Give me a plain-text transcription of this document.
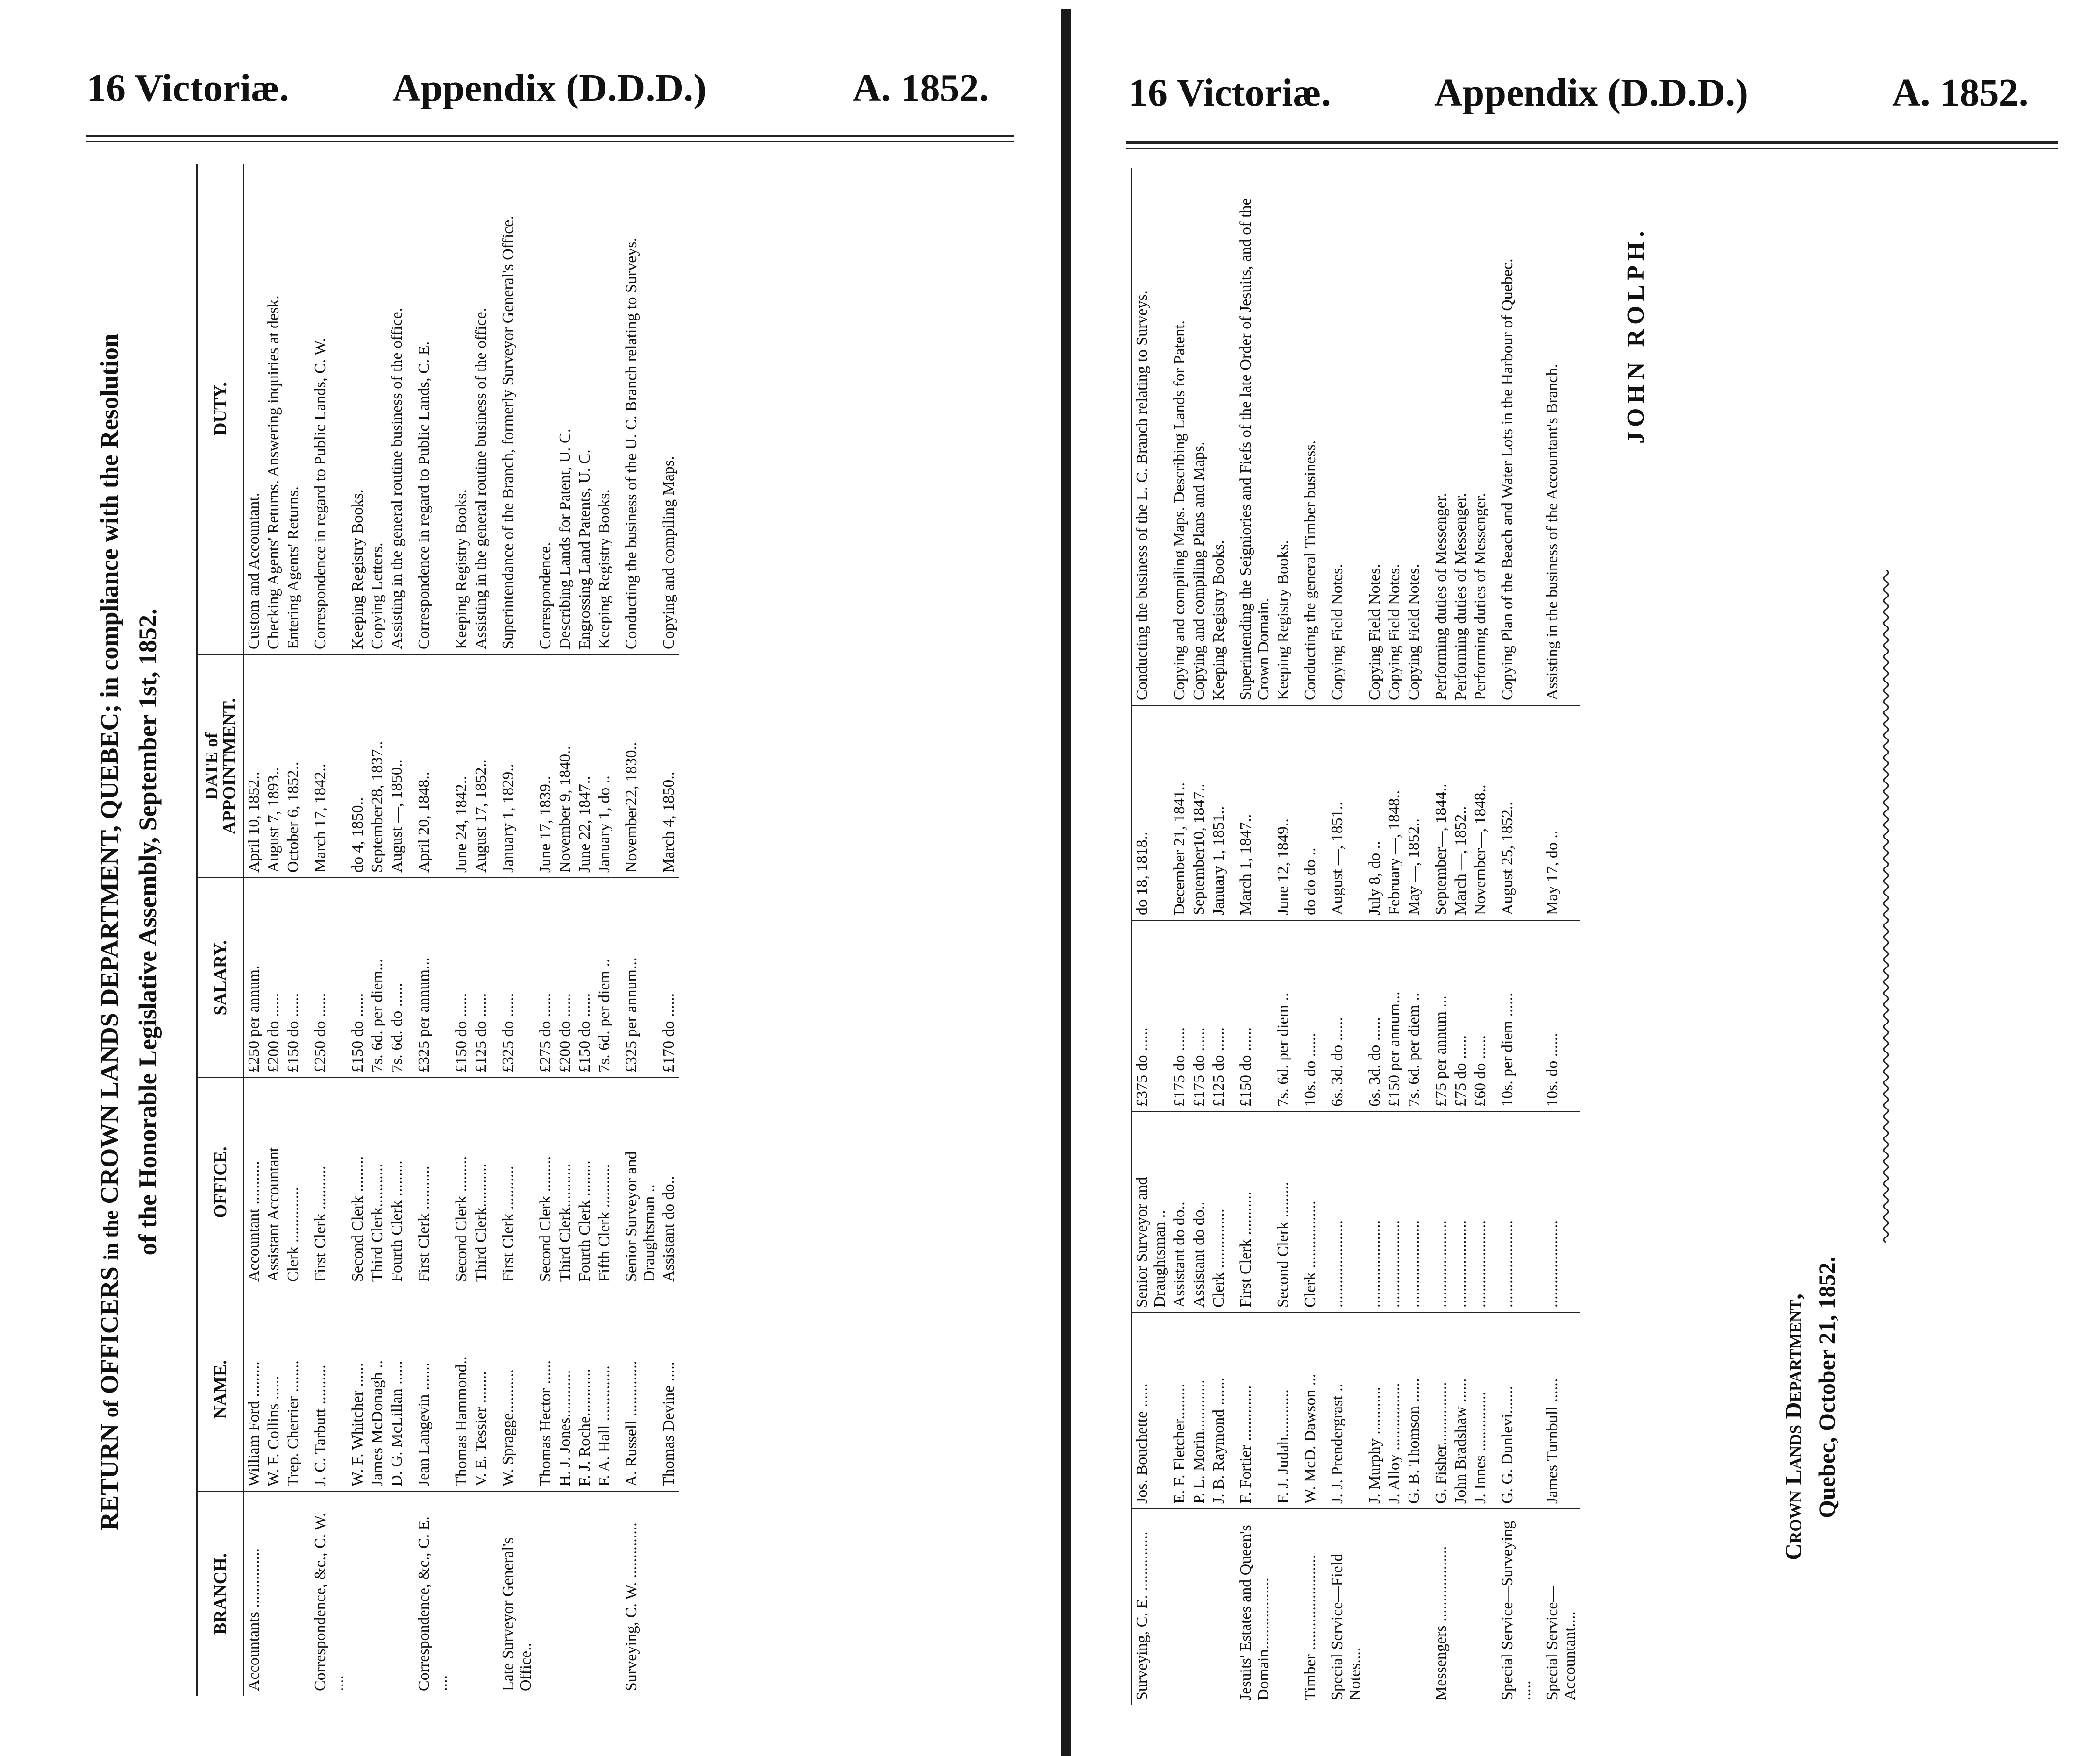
16 Victoriæ.	Appendix (D.D.D.)	A. 1852.
RETURN of OFFICERS in the CROWN LANDS DEPARTMENT, QUEBEC; in compliance with the Resolution of the Honorable Legislative Assembly, September 1st, 1852.
BRANCH.	NAME.	OFFICE.	SALARY.	DATE of
APPOINTMENT.	DUTY.
Accountants ...............	William Ford .........	Accountant ...........	£250 per annum.	April 10, 1852..	Custom and Accountant.
	W. F. Collins ......	Assistant Accountant	£200 do ......	August 7, 1893..	Checking Agents' Returns. Answering inquiries at desk.
	Trep. Cherrier ........	Clerk ..............	£150 do ......	October 6, 1852..	Entering Agents' Returns.
Correspondence, &c., C. W. ....	J. C. Tarbutt ..........	First Clerk ...........	£250 do ......	March 17, 1842..	Correspondence in regard to Public Lands, C. W.
	W. F. Whitcher ......	Second Clerk .........	£150 do ......	do 4, 1850..	Keeping Registry Books.
	James McDonagh ..	Third Clerk...........	7s. 6d. per diem...	September28, 1837..	Copying Letters.
	D. G. McLillan ......	Fourth Clerk .........	7s. 6d. do ......	August —, 1850..	Assisting in the general routine business of the office.
Correspondence, &c., C. E. ....	Jean Langevin .......	First Clerk ...........	£325 per annum...	April 20, 1848..	Correspondence in regard to Public Lands, C. E.
	Thomas Hammond..	Second Clerk .........	£150 do ......	June 24, 1842..	Keeping Registry Books.
	V. E. Tessier ........	Third Clerk...........	£125 do ......	August 17, 1852..	Assisting in the general routine business of the office.
Late Surveyor General's Office..	W. Spragge...........	First Clerk ...........	£325 do ......	January 1, 1829..	Superintendance of the Branch, formerly Surveyor General's Office.
	Thomas Hector ......	Second Clerk .........	£275 do ......	June 17, 1839..	Correspondence.
	H. J. Jones............	Third Clerk...........	£200 do ......	November 9, 1840..	Describing Lands for Patent, U. C.
	F. J. Roche............	Fourth Clerk .........	£150 do ......	June 22, 1847..	Engrossing Land Patents, U. C.
	F. A. Hall ..............	Fifth Clerk ...........	7s. 6d. per diem ..	January 1, do ..	Keeping Registry Books.
Surveying, C. W. ..............	A. Russell ..............	Senior Surveyor and Draughtsman ..	£325 per annum...	November22, 1830..	Conducting the business of the U. C. Branch relating to Surveys.
	Thomas Devine .....	Assistant do do..	£170 do ......	March 4, 1850..	Copying and compiling Maps.
16 Victoriæ.	Appendix (D.D.D.)	A. 1852.
Surveying, C. E. ...............	Jos. Bouchette ......	Senior Surveyor and Draughtsman ..	£375 do ......	do 18, 1818..	Conducting the business of the L. C. Branch relating to Surveys.
	E. F. Fletcher.........	Assistant do do..	£175 do ......	December 21, 1841..	Copying and compiling Maps. Describing Lands for Patent.
	P. L. Morin.............	Assistant do do..	£175 do ......	September10, 1847..	Copying and compiling Plans and Maps.
	J. B. Raymond .......	Clerk ...............	£125 do ......	January 1, 1851..	Keeping Registry Books.
Jesuits' Estates and Queen's Domain..................	F. Fortier ..............	First Clerk ...........	£150 do ......	March 1, 1847..	Superintending the Seigniories and Fiefs of the late Order of Jesuits, and of the Crown Domain.
	F. J. Judah............	Second Clerk .........	7s. 6d. per diem ..	June 12, 1849..	Keeping Registry Books.
Timber ........................	W. McD. Dawson ...	Clerk .................	10s. do ......	do do do ..	Conducting the general Timber business.
Special Service—Field Notes....	J. J. Prendergrast ..	......................	6s. 3d. do ......	August —, 1851..	Copying Field Notes.
	J. Murphy ............	......................	6s. 3d. do ......	July 8, do ..	Copying Field Notes.
	J. Alloy .................	......................	£150 per annum...	February —, 1848..	Copying Field Notes.
	G. B. Thomson ......	......................	7s. 6d. per diem ..	May —, 1852..	Copying Field Notes.
Messengers ...................	G. Fisher................	......................	£75 per annum ...	September—, 1844..	Performing duties of Messenger.
	John Bradshaw ......	......................	£75 do ......	March —, 1852..	Performing duties of Messenger.
	J. Innes ...............	......................	£60 do ......	November—, 1848..	Performing duties of Messenger.
Special Service—Surveying .....	G. G. Dunlevi.......	......................	10s. per diem ......	August 25, 1852..	Copying Plan of the Beach and Water Lots in the Harbour of Quebec.
Special Service—Accountant....	James Turnbull ......	......................	10s. do ......	May 17, do ..	Assisting in the business of the Accountant's Branch.
JOHN ROLPH.
Crown Lands Department, Quebec, October 21, 1852.
